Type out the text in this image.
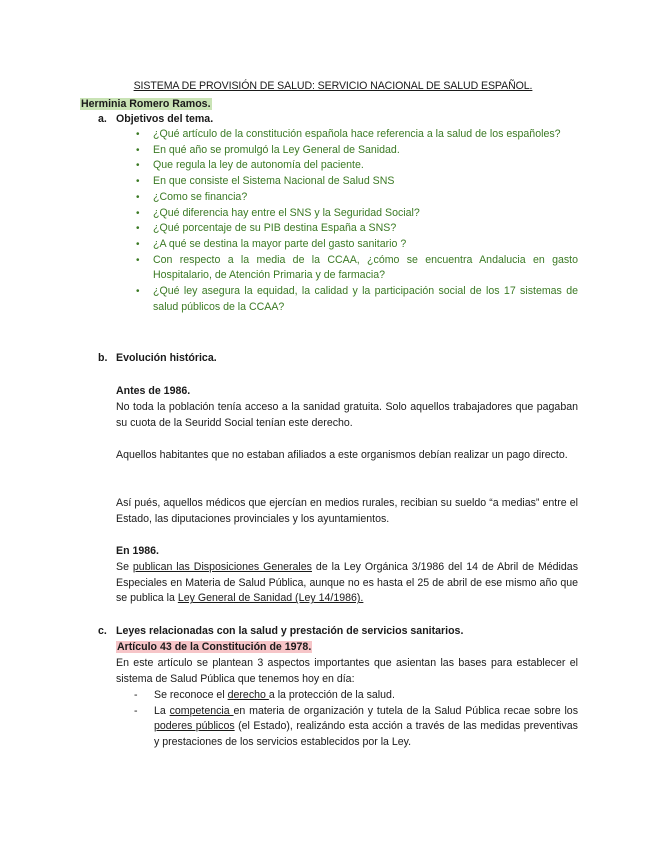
SISTEMA DE PROVISIÓN DE SALUD: SERVICIO NACIONAL DE SALUD ESPAÑOL.
Herminia Romero Ramos.
a. Objetivos del tema.
• ¿Qué artículo de la constitución española hace referencia a la salud de los españoles?
• En qué año se promulgó la Ley General de Sanidad.
• Que regula la ley de autonomía del paciente.
• En que consiste el Sistema Nacional de Salud SNS
• ¿Como se financia?
• ¿Qué diferencia hay entre el SNS y la Seguridad Social?
• ¿Qué porcentaje de su PIB destina España a SNS?
• ¿A qué se destina la mayor parte del gasto sanitario ?
• Con respecto a la media de la CCAA, ¿cómo se encuentra Andalucia en gasto Hospitalario, de Atención Primaria y de farmacia?
• ¿Qué ley asegura la equidad, la calidad y la participación social de los 17 sistemas de salud públicos de la CCAA?
b. Evolución histórica.
Antes de 1986.
No toda la población tenía acceso a la sanidad gratuita. Solo aquellos trabajadores que pagaban su cuota de la Seuridd Social tenían este derecho.
Aquellos habitantes que no estaban afiliados a este organismos debían realizar un pago directo.
Así pués, aquellos médicos que ejercían en medios rurales, recibian su sueldo “a medias” entre el Estado, las diputaciones provinciales y los ayuntamientos.
En 1986.
Se publican las Disposiciones Generales de la Ley Orgánica 3/1986 del 14 de Abril de Médidas Especiales en Materia de Salud Pública, aunque no es hasta el 25 de abril de ese mismo año que se publica la Ley General de Sanidad (Ley 14/1986).
c. Leyes relacionadas con la salud y prestación de servicios sanitarios.
Artículo 43 de la Constitución de 1978.
En este artículo se plantean 3 aspectos importantes que asientan las bases para establecer el sistema de Salud Pública que tenemos hoy en día:
- Se reconoce el derecho a la protección de la salud.
- La competencia en materia de organización y tutela de la Salud Pública recae sobre los poderes públicos (el Estado), realizándo esta acción a través de las medidas preventivas y prestaciones de los servicios establecidos por la Ley.
